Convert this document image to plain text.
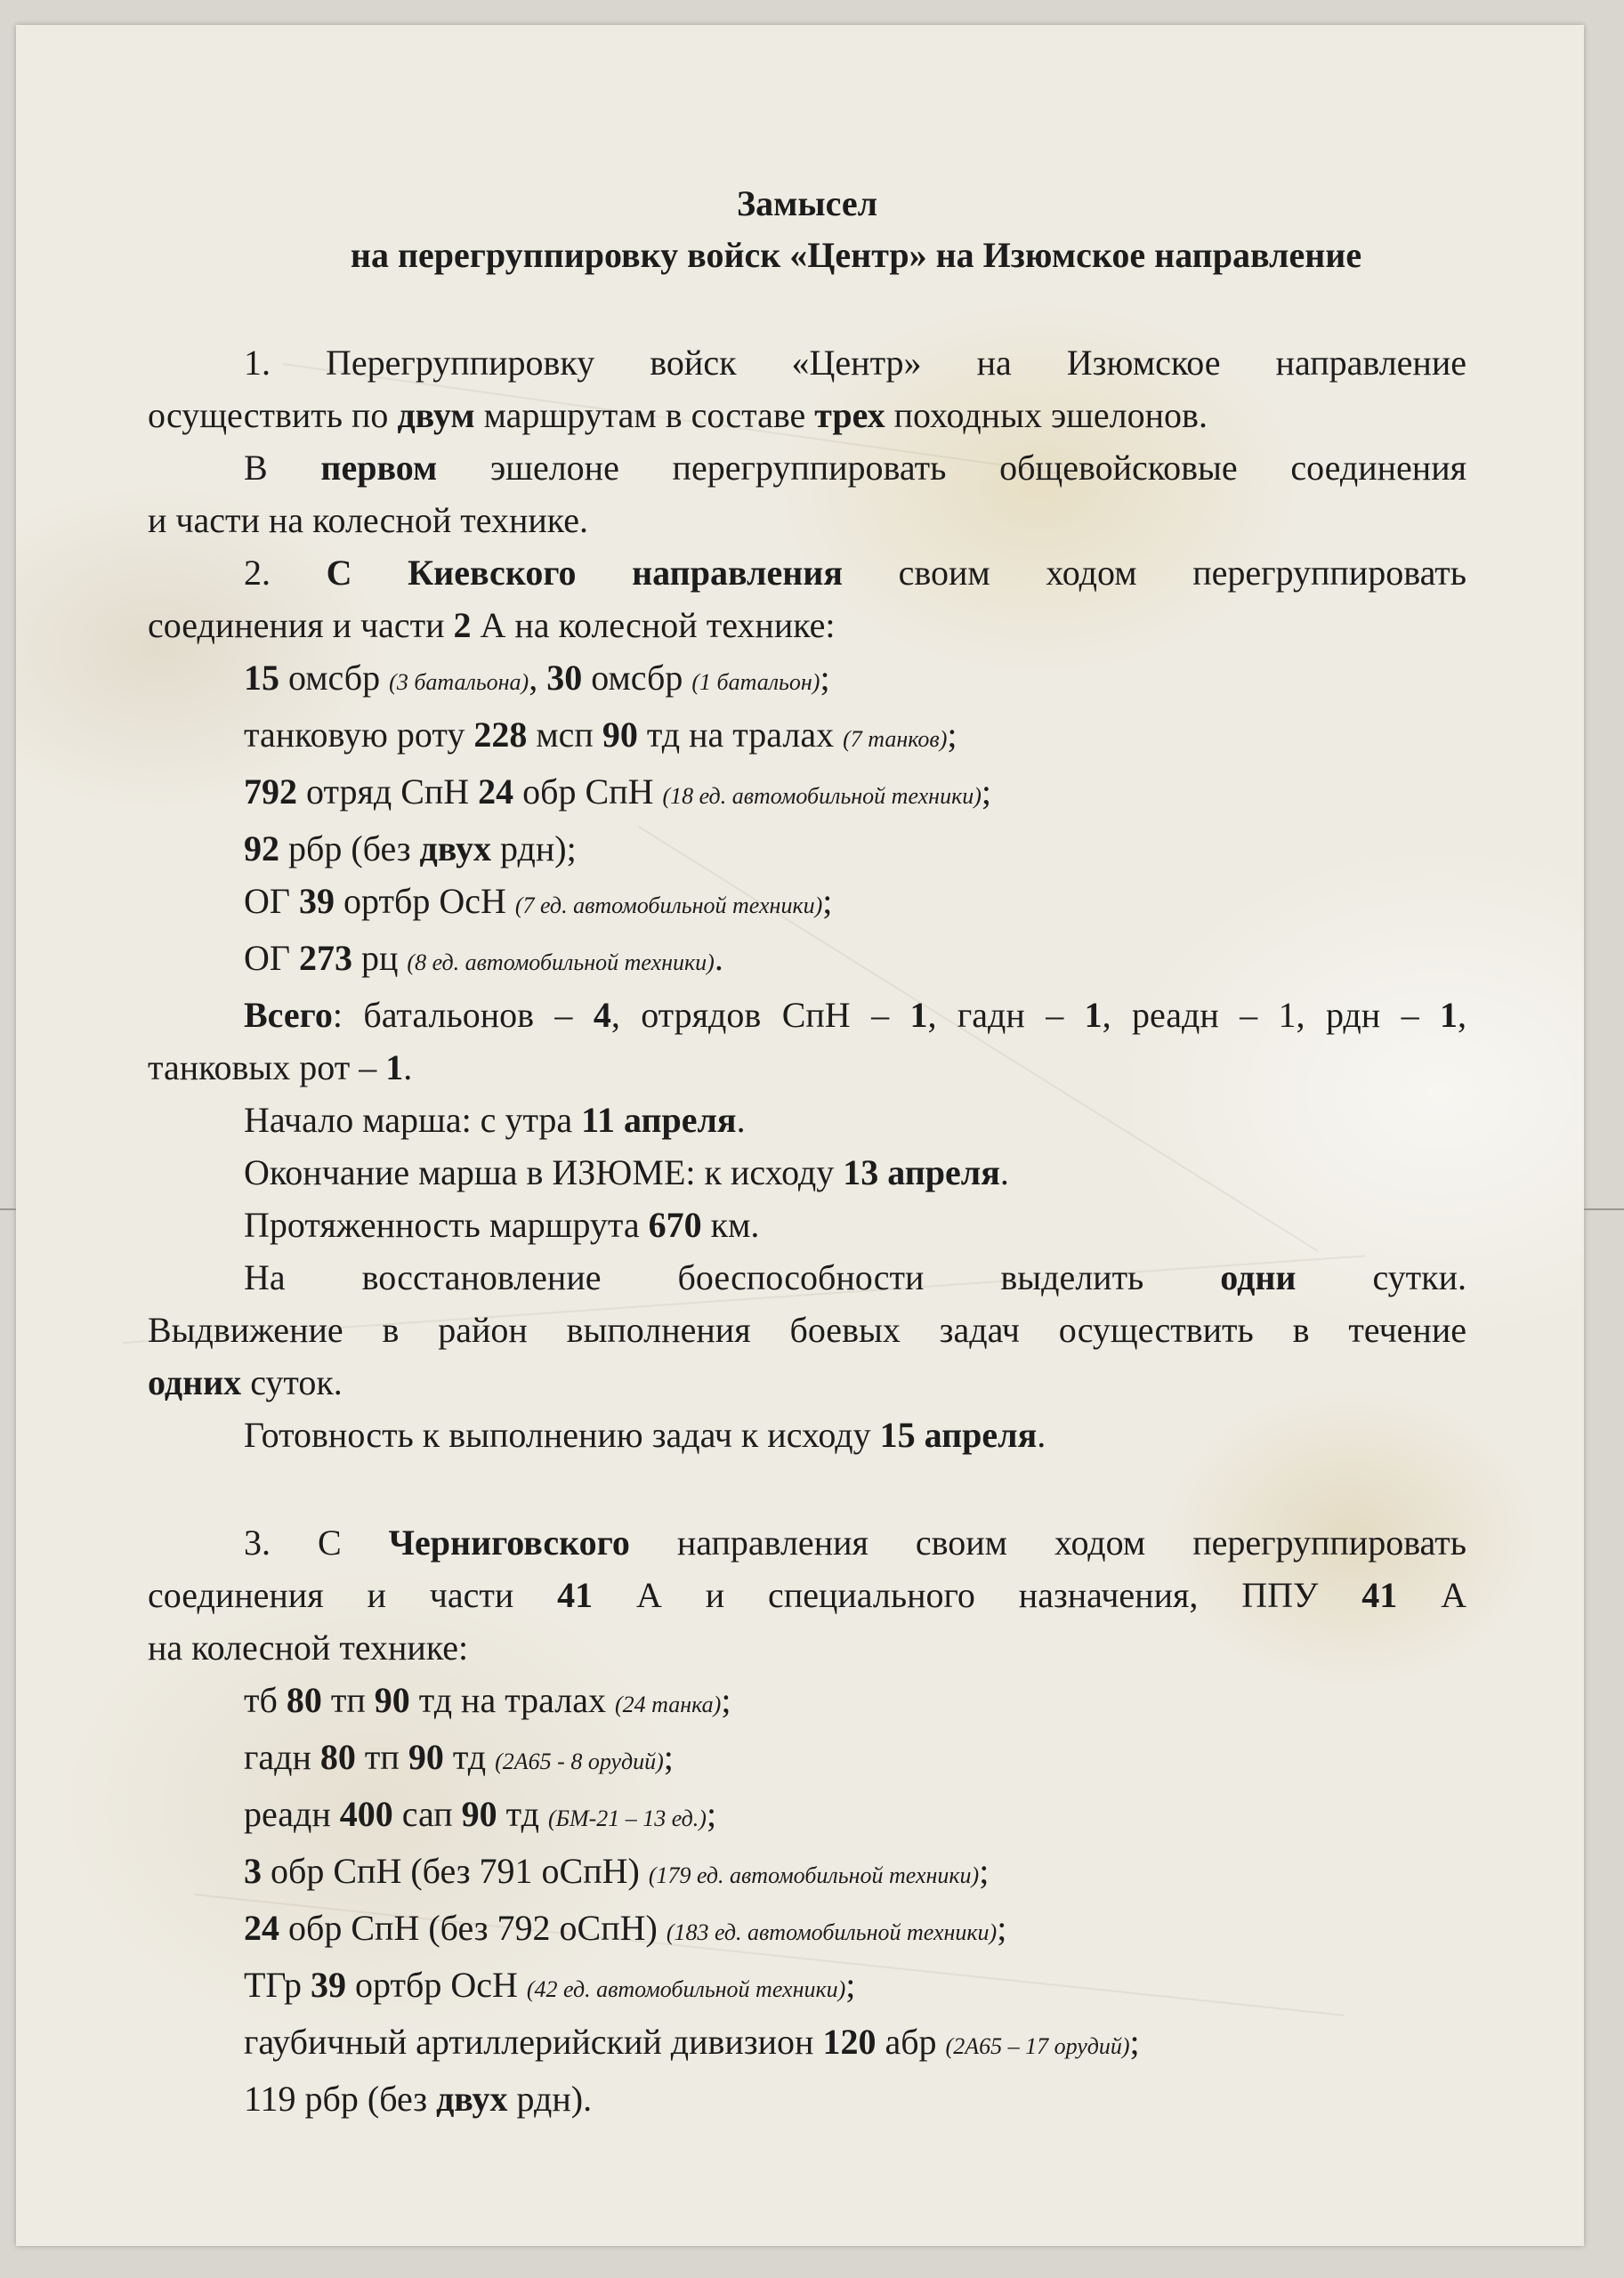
Замысел
на перегруппировку войск «Центр» на Изюмское направление

1. Перегруппировку войск «Центр» на Изюмское направление

осуществить по двум маршрутам в составе трех походных эшелонов.

В первом эшелоне перегруппировать общевойсковые соединения

и части на колесной технике.

2. С Киевского направления своим ходом перегруппировать

соединения и части 2 А на колесной технике:

15 омсбр (3 батальона), 30 омсбр (1 батальон);

танковую роту 228 мсп 90 тд на тралах (7 танков);

792 отряд СпН 24 обр СпН (18 ед. автомобильной техники);

92 рбр (без двух рдн);

ОГ 39 ортбр ОсН (7 ед. автомобильной техники);

ОГ 273 рц (8 ед. автомобильной техники).

Всего: батальонов – 4, отрядов СпН – 1, гадн – 1, реадн – 1, рдн – 1,

танковых рот – 1.

Начало марша: с утра 11 апреля.

Окончание марша в ИЗЮМЕ: к исходу 13 апреля.

Протяженность маршрута 670 км.

На восстановление боеспособности выделить одни сутки.

Выдвижение в район выполнения боевых задач осуществить в течение

одних суток.

Готовность к выполнению задач к исходу 15 апреля.

3. С Черниговского направления своим ходом перегруппировать

соединения и части 41 А и специального назначения, ППУ 41 А

на колесной технике:

тб 80 тп 90 тд на тралах (24 танка);

гадн 80 тп 90 тд (2А65 - 8 орудий);

реадн 400 сап 90 тд (БМ-21 – 13 ед.);

3 обр СпН (без 791 оСпН) (179 ед. автомобильной техники);

24 обр СпН (без 792 оСпН) (183 ед. автомобильной техники);

ТГр 39 ортбр ОсН (42 ед. автомобильной техники);

гаубичный артиллерийский дивизион 120 абр (2А65 – 17 орудий);

119 рбр (без двух рдн).
